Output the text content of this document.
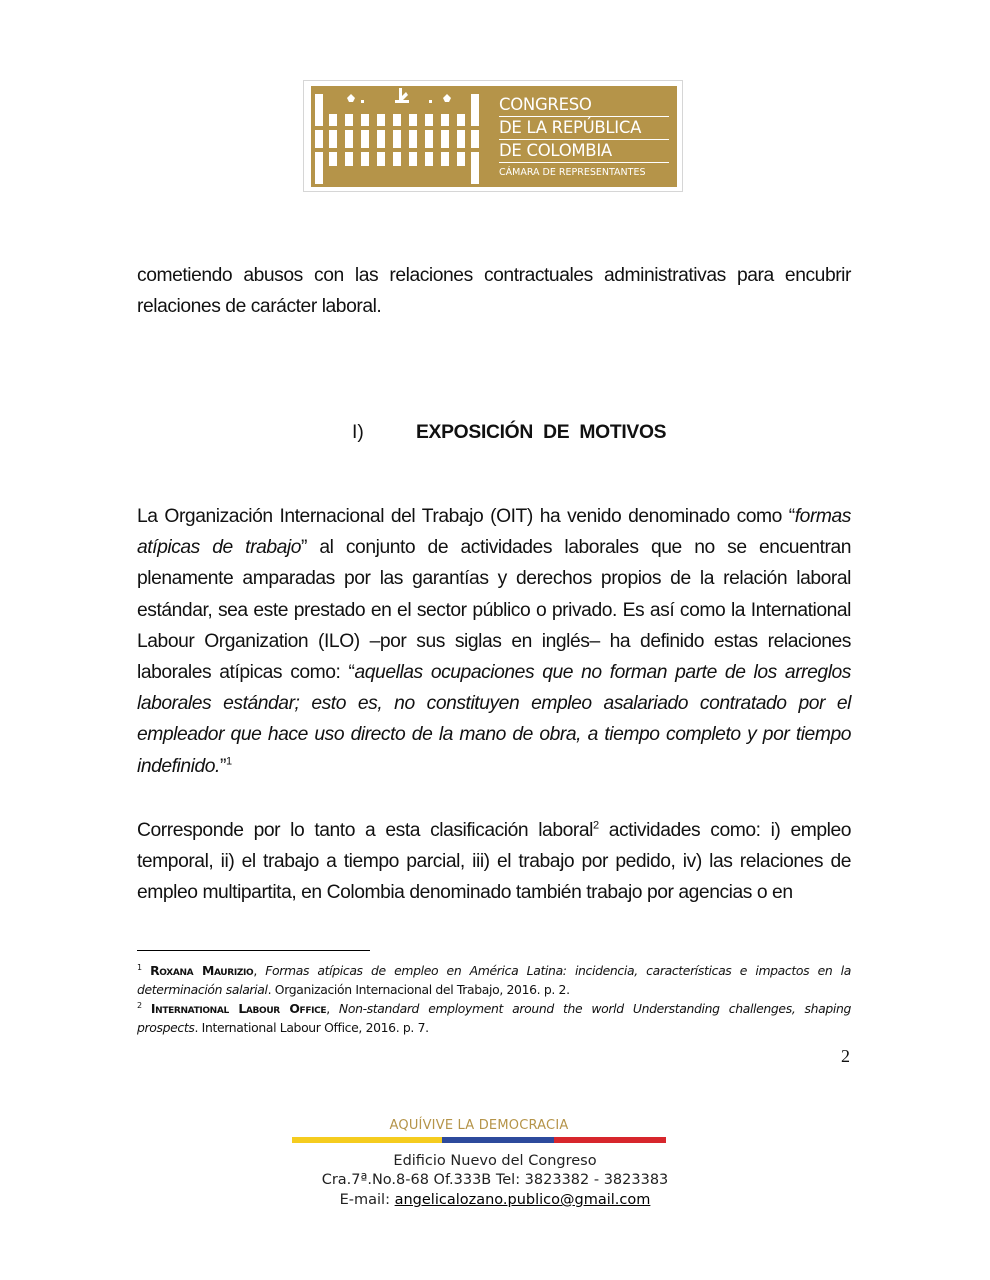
CONGRESO
DE LA REPÚBLICA
DE COLOMBIA
CÁMARA DE REPRESENTANTES

cometiendo abusos con las relaciones contractuales administrativas para encubrir relaciones de carácter laboral.

I)	EXPOSICIÓN  DE  MOTIVOS

La Organización Internacional del Trabajo (OIT) ha venido denominado como “formas atípicas de trabajo” al conjunto de actividades laborales que no se encuentran plenamente amparadas por las garantías y derechos propios de la relación laboral estándar, sea este prestado en el sector público o privado. Es así como la International Labour Organization (ILO) –por sus siglas en inglés– ha definido estas relaciones laborales atípicas como: “aquellas ocupaciones que no forman parte de los arreglos laborales estándar; esto es, no constituyen empleo asalariado contratado por el empleador que hace uso directo de la mano de obra, a tiempo completo y por tiempo indefinido.”$^1$

Corresponde por lo tanto a esta clasificación laboral$^2$ actividades como: i) empleo temporal, ii) el trabajo a tiempo parcial, iii) el trabajo por pedido, iv) las relaciones de empleo multipartita, en Colombia denominado también trabajo por agencias o en

$^1$ Roxana Maurizio, Formas atípicas de empleo en América Latina: incidencia, características e impactos en la determinación salarial. Organización Internacional del Trabajo, 2016. p. 2.

$^2$ International Labour Office, Non-standard employment around the world Understanding challenges, shaping prospects. International Labour Office, 2016. p. 7.

2
AQUÍVIVE LA DEMOCRACIA
Edificio Nuevo del Congreso
Cra.7ª.No.8-68 Of.333B Tel: 3823382 - 3823383
E-mail: angelicalozano.publico@gmail.com
